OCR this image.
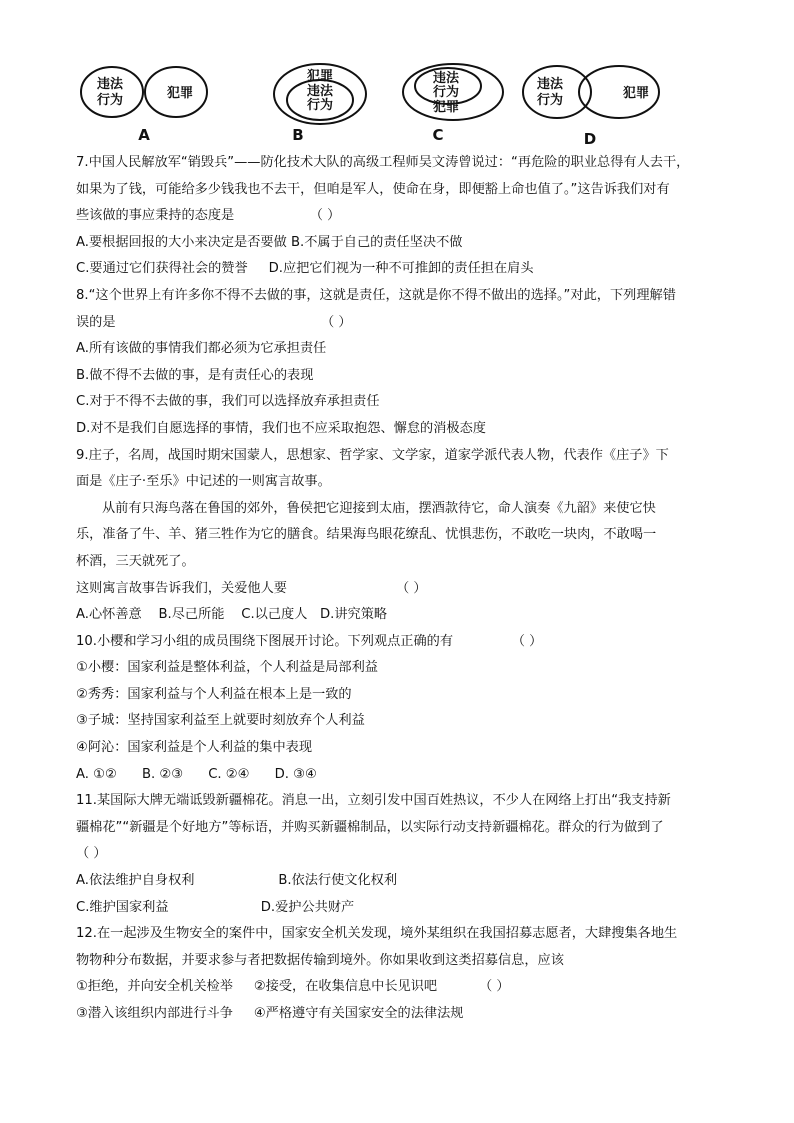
违法
行为	犯罪
犯罪
违法
行为
违法
行为
犯罪
违法
行为	犯罪
A	B	C	D
7.中国人民解放军“销毁兵”——防化技术大队的高级工程师吴文涛曾说过：“再危险的职业总得有人去干，
如果为了钱，可能给多少钱我也不去干，但咱是军人，使命在身，即便豁上命也值了。”这告诉我们对有
些该做的事应秉持的态度是                  （ ）
A.要根据回报的大小来决定是否要做 B.不属于自己的责任坚决不做
C.要通过它们获得社会的赞誉     D.应把它们视为一种不可推卸的责任担在肩头
8.“这个世界上有许多你不得不去做的事，这就是责任，这就是你不得不做出的选择。”对此，下列理解错
误的是                                                 （ ）
A.所有该做的事情我们都必须为它承担责任
B.做不得不去做的事，是有责任心的表现
C.对于不得不去做的事，我们可以选择放弃承担责任
D.对不是我们自愿选择的事情，我们也不应采取抱怨、懈怠的消极态度
9.庄子，名周，战国时期宋国蒙人，思想家、哲学家、文学家，道家学派代表人物，代表作《庄子》下
面是《庄子·至乐》中记述的一则寓言故事。
从前有只海鸟落在鲁国的郊外，鲁侯把它迎接到太庙，摆酒款待它，命人演奏《九韶》来使它快
乐，准备了牛、羊、猪三牲作为它的膳食。结果海鸟眼花缭乱、忧惧悲伤，不敢吃一块肉，不敢喝一
杯酒，三天就死了。
这则寓言故事告诉我们，关爱他人要                          （ ）
A.心怀善意    B.尽己所能    C.以己度人   D.讲究策略
10.小樱和学习小组的成员围绕下图展开讨论。下列观点正确的有              （ ）
①小樱：国家利益是整体利益，个人利益是局部利益
②秀秀：国家利益与个人利益在根本上是一致的
③子城：坚持国家利益至上就要时刻放弃个人利益
④阿沁：国家利益是个人利益的集中表现
A. ①②      B. ②③      C. ②④      D. ③④
11.某国际大牌无端诋毁新疆棉花。消息一出，立刻引发中国百姓热议，不少人在网络上打出“我支持新
疆棉花”“新疆是个好地方”等标语，并购买新疆棉制品，以实际行动支持新疆棉花。群众的行为做到了
（ ）
A.依法维护自身权利                    B.依法行使文化权利
C.维护国家利益                      D.爱护公共财产
12.在一起涉及生物安全的案件中，国家安全机关发现，境外某组织在我国招募志愿者，大肆搜集各地生
物物种分布数据，并要求参与者把数据传输到境外。你如果收到这类招募信息，应该
①拒绝，并向安全机关检举     ②接受，在收集信息中长见识吧          （ ）
③潜入该组织内部进行斗争     ④严格遵守有关国家安全的法律法规
